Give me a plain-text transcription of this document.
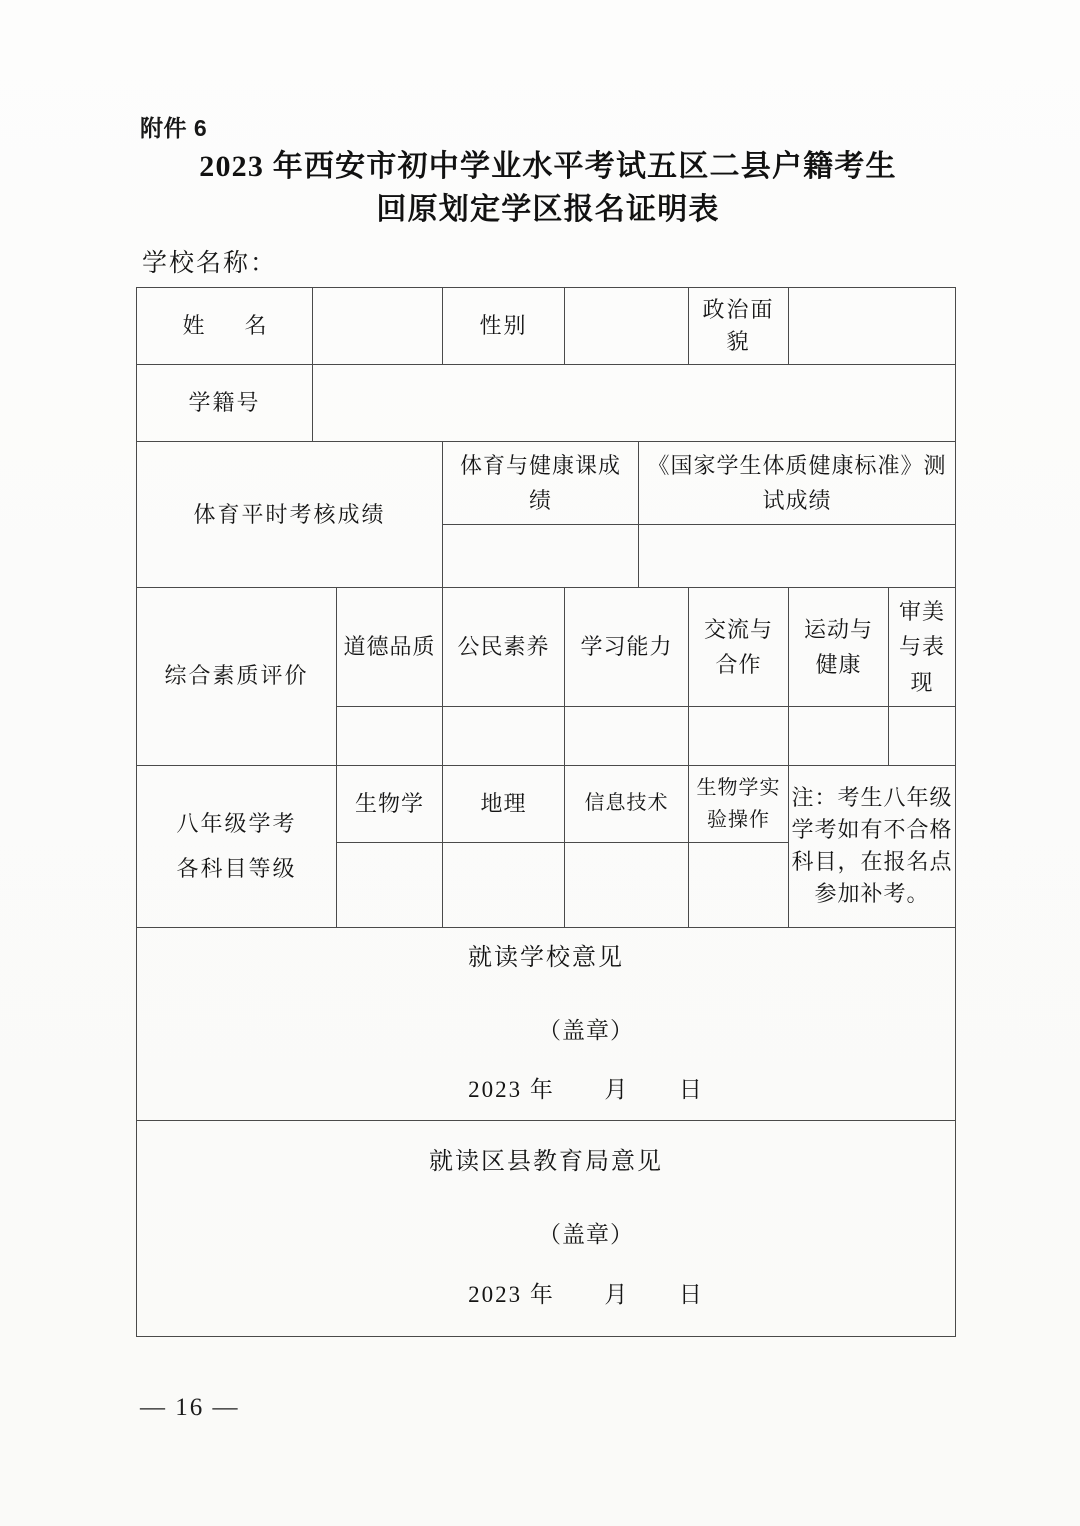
附件 6
2023 年西安市初中学业水平考试五区二县户籍考生
回原划定学区报名证明表
学校名称：
姓　名			性别			政治面貌		

学籍号								

体育平时考核成绩			体育与健康课成绩		《国家学生体质健康标准》测试成绩			

综合素质评价		道德品质	公民素养	学习能力		交流与合作	运动与健康	审美与表现

八年级学考
各科目等级		生物学	地理	信息技术		生物学实验操作	注：考生八年级学考如有不合格科目，在报名点参加补考。	

就读学校意见
（盖章）
2023 年 月 日								

就读区县教育局意见
（盖章）
2023 年 月 日								
— 16 —
